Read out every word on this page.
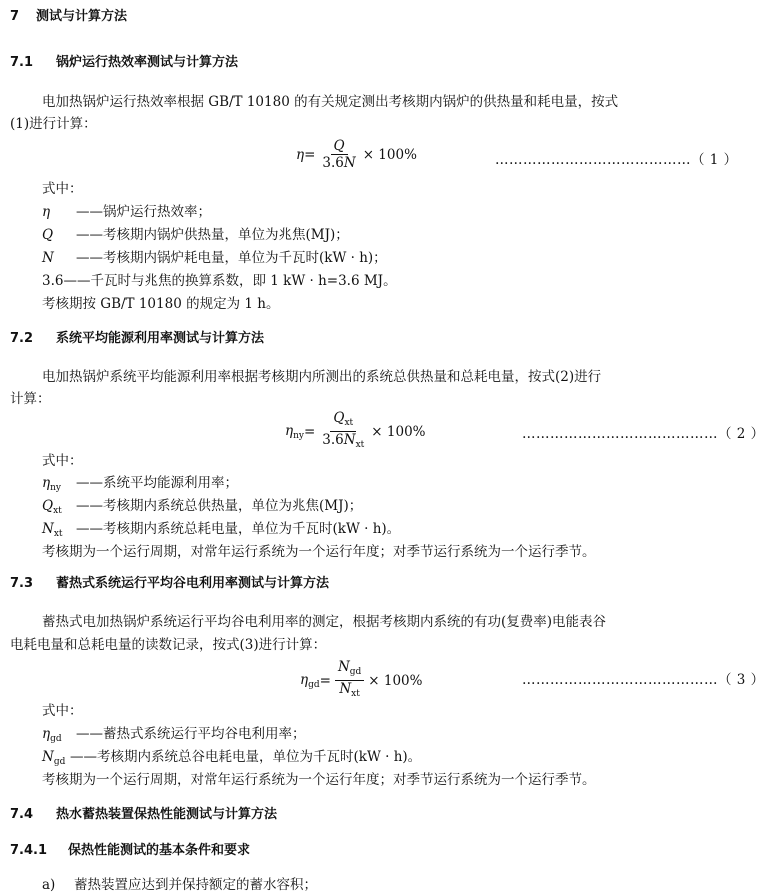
7 测试与计算方法
7.1 锅炉运行热效率测试与计算方法
电加热锅炉运行热效率根据 GB/T 10180 的有关规定测出考核期内锅炉的供热量和耗电量，按式
(1)进行计算：
$\eta = \frac{Q}{3.6N} \times 100\%$	……………………………………（ 1 ）
式中：
η ——锅炉运行热效率；
Q ——考核期内锅炉供热量，单位为兆焦(MJ)；
N ——考核期内锅炉耗电量，单位为千瓦时(kW · h)；
3.6——千瓦时与兆焦的换算系数，即 1 kW · h=3.6 MJ。
考核期按 GB/T 10180 的规定为 1 h。
7.2 系统平均能源利用率测试与计算方法
电加热锅炉系统平均能源利用率根据考核期内所测出的系统总供热量和总耗电量，按式(2)进行
计算：
$\eta_{ny} = \frac{Q_{xt}}{3.6N_{xt}} \times 100\%$	……………………………………（ 2 ）
式中：
$\eta_{ny}$ ——系统平均能源利用率；
$Q_{xt}$ ——考核期内系统总供热量，单位为兆焦(MJ)；
$N_{xt}$ ——考核期内系统总耗电量，单位为千瓦时(kW · h)。
考核期为一个运行周期，对常年运行系统为一个运行年度；对季节运行系统为一个运行季节。
7.3 蓄热式系统运行平均谷电利用率测试与计算方法
蓄热式电加热锅炉系统运行平均谷电利用率的测定，根据考核期内系统的有功(复费率)电能表谷
电耗电量和总耗电量的读数记录，按式(3)进行计算：
$\eta_{gd} = \frac{N_{gd}}{N_{xt}} \times 100\%$	……………………………………（ 3 ）
式中：
$\eta_{gd}$ ——蓄热式系统运行平均谷电利用率；
$N_{gd}$ ——考核期内系统总谷电耗电量，单位为千瓦时(kW · h)。
考核期为一个运行周期，对常年运行系统为一个运行年度；对季节运行系统为一个运行季节。
7.4 热水蓄热装置保热性能测试与计算方法
7.4.1 保热性能测试的基本条件和要求
a) 蓄热装置应达到并保持额定的蓄水容积；
